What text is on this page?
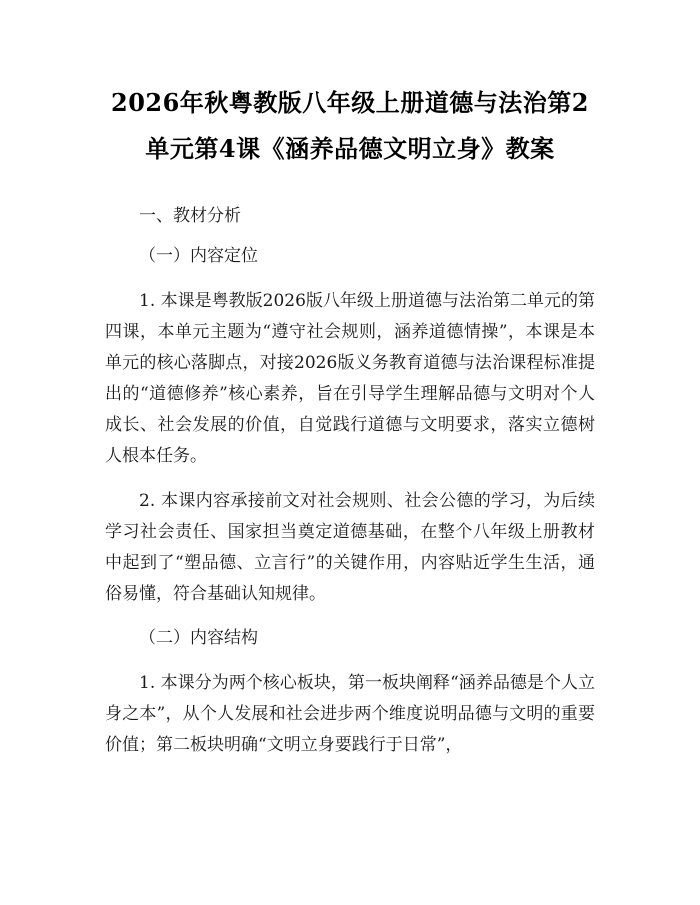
2026年秋粤教版八年级上册道德与法治第2单元第4课《涵养品德文明立身》教案

一、教材分析

（一）内容定位

1. 本课是粤教版2026版八年级上册道德与法治第二单元的第四课，本单元主题为“遵守社会规则，涵养道德情操”，本课是本单元的核心落脚点，对接2026版义务教育道德与法治课程标准提出的“道德修养”核心素养，旨在引导学生理解品德与文明对个人成长、社会发展的价值，自觉践行道德与文明要求，落实立德树人根本任务。

2. 本课内容承接前文对社会规则、社会公德的学习，为后续学习社会责任、国家担当奠定道德基础，在整个八年级上册教材中起到了“塑品德、立言行”的关键作用，内容贴近学生生活，通俗易懂，符合基础认知规律。

（二）内容结构

1. 本课分为两个核心板块，第一板块阐释“涵养品德是个人立身之本”，从个人发展和社会进步两个维度说明品德与文明的重要价值；第二板块明确“文明立身要践行于日常”，
